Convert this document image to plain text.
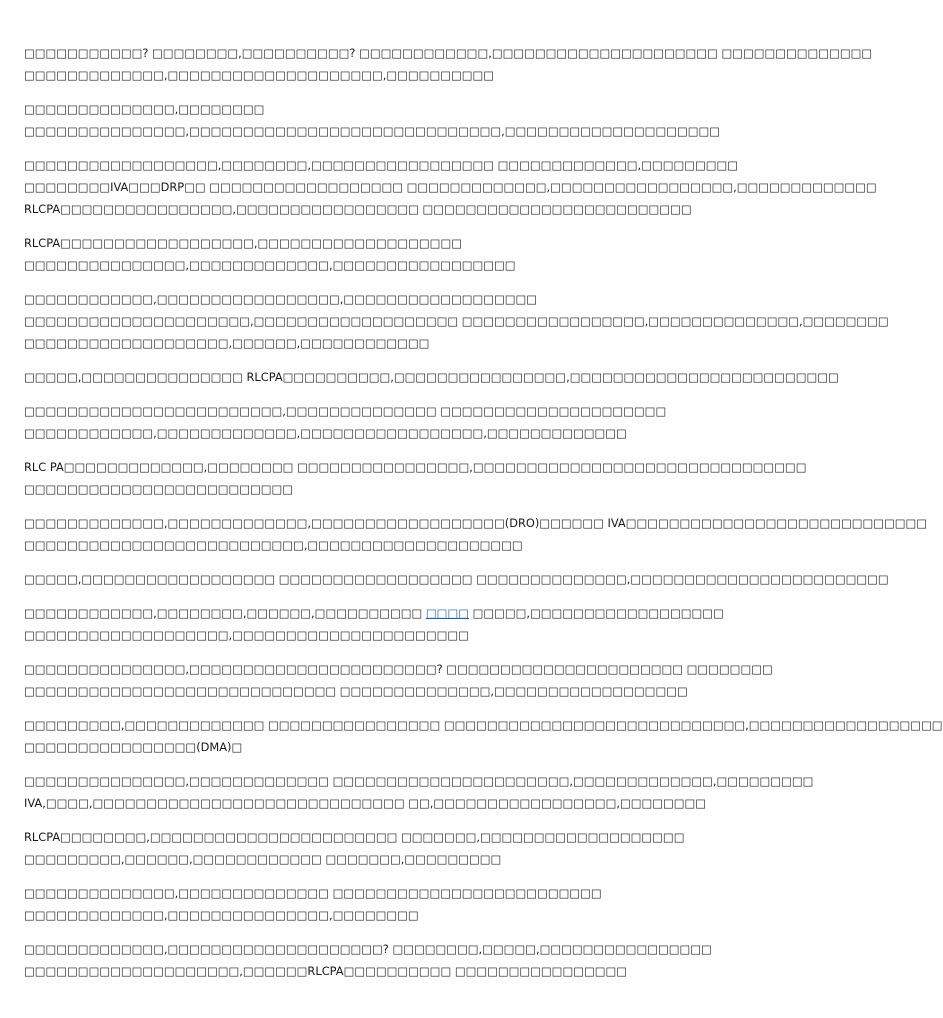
□□□□□□□□□□□? □□□□□□□□,□□□□□□□□□□? □□□□□□□□□□□□,□□□□□□□□□□□□□□□□□□□□□ □□□□□□□□□□□□□□
□□□□□□□□□□□□□,□□□□□□□□□□□□□□□□□□□□,□□□□□□□□□□

□□□□□□□□□□□□□□,□□□□□□□□
□□□□□□□□□□□□□□□,□□□□□□□□□□□□□□□□□□□□□□□□□□□□□,□□□□□□□□□□□□□□□□□□□□

□□□□□□□□□□□□□□□□□□,□□□□□□□□,□□□□□□□□□□□□□□□□□ □□□□□□□□□□□□□,□□□□□□□□□
□□□□□□□□IVA□□□DRP□□ □□□□□□□□□□□□□□□□□□ □□□□□□□□□□□□□,□□□□□□□□□□□□□□□□□,□□□□□□□□□□□□□
RLCPA□□□□□□□□□□□□□□□□,□□□□□□□□□□□□□□□□□ □□□□□□□□□□□□□□□□□□□□□□□□□

RLCPA□□□□□□□□□□□□□□□□□□,□□□□□□□□□□□□□□□□□□□
□□□□□□□□□□□□□□□,□□□□□□□□□□□□□,□□□□□□□□□□□□□□□□□

□□□□□□□□□□□□,□□□□□□□□□□□□□□□□□,□□□□□□□□□□□□□□□□□□
□□□□□□□□□□□□□□□□□□□□□,□□□□□□□□□□□□□□□□□□□ □□□□□□□□□□□□□□□□□,□□□□□□□□□□□□□□,□□□□□□□□
□□□□□□□□□□□□□□□□□□□,□□□□□□,□□□□□□□□□□□□

□□□□□,□□□□□□□□□□□□□□□ RLCPA□□□□□□□□□□,□□□□□□□□□□□□□□□□,□□□□□□□□□□□□□□□□□□□□□□□□□

□□□□□□□□□□□□□□□□□□□□□□□□,□□□□□□□□□□□□□□ □□□□□□□□□□□□□□□□□□□□□
□□□□□□□□□□□□,□□□□□□□□□□□□□,□□□□□□□□□□□□□□□□□,□□□□□□□□□□□□□

RLC PA□□□□□□□□□□□□□,□□□□□□□□ □□□□□□□□□□□□□□□□,□□□□□□□□□□□□□□□□□□□□□□□□□□□□□□□
□□□□□□□□□□□□□□□□□□□□□□□□□

□□□□□□□□□□□□□,□□□□□□□□□□□□□,□□□□□□□□□□□□□□□□□□(DRO)□□□□□□ IVA□□□□□□□□□□□□□□□□□□□□□□□□□□□□
□□□□□□□□□□□□□□□□□□□□□□□□□□,□□□□□□□□□□□□□□□□□□□□

□□□□□,□□□□□□□□□□□□□□□□□□ □□□□□□□□□□□□□□□□□□ □□□□□□□□□□□□□□,□□□□□□□□□□□□□□□□□□□□□□□□

□□□□□□□□□□□□,□□□□□□□□,□□□□□□,□□□□□□□□□□ □□□□ □□□□□,□□□□□□□□□□□□□□□□□□
□□□□□□□□□□□□□□□□□□□,□□□□□□□□□□□□□□□□□□□□□□

□□□□□□□□□□□□□□□,□□□□□□□□□□□□□□□□□□□□□□□? □□□□□□□□□□□□□□□□□□□□□□ □□□□□□□□
□□□□□□□□□□□□□□□□□□□□□□□□□□□□□ □□□□□□□□□□□□□□,□□□□□□□□□□□□□□□□□□

□□□□□□□□□,□□□□□□□□□□□□□ □□□□□□□□□□□□□□□□ □□□□□□□□□□□□□□□□□□□□□□□□□□□□,□□□□□□□□□□□□□□□□□□
□□□□□□□□□□□□□□□□(DMA)□

□□□□□□□□□□□□□□□,□□□□□□□□□□□□□ □□□□□□□□□□□□□□□□□□□□□□,□□□□□□□□□□□□□,□□□□□□□□□
IVA,□□□□,□□□□□□□□□□□□□□□□□□□□□□□□□□□□□ □□,□□□□□□□□□□□□□□□□□,□□□□□□□□

RLCPA□□□□□□□□,□□□□□□□□□□□□□□□□□□□□□□□ □□□□□□□,□□□□□□□□□□□□□□□□□□□
□□□□□□□□□,□□□□□□,□□□□□□□□□□□□ □□□□□□□,□□□□□□□□□

□□□□□□□□□□□□□□,□□□□□□□□□□□□□□ □□□□□□□□□□□□□□□□□□□□□□□□□
□□□□□□□□□□□□□,□□□□□□□□□□□□□□□,□□□□□□□□

□□□□□□□□□□□□□,□□□□□□□□□□□□□□□□□□□□? □□□□□□□□,□□□□□,□□□□□□□□□□□□□□□□
□□□□□□□□□□□□□□□□□□□□,□□□□□□RLCPA□□□□□□□□□□ □□□□□□□□□□□□□□□□
